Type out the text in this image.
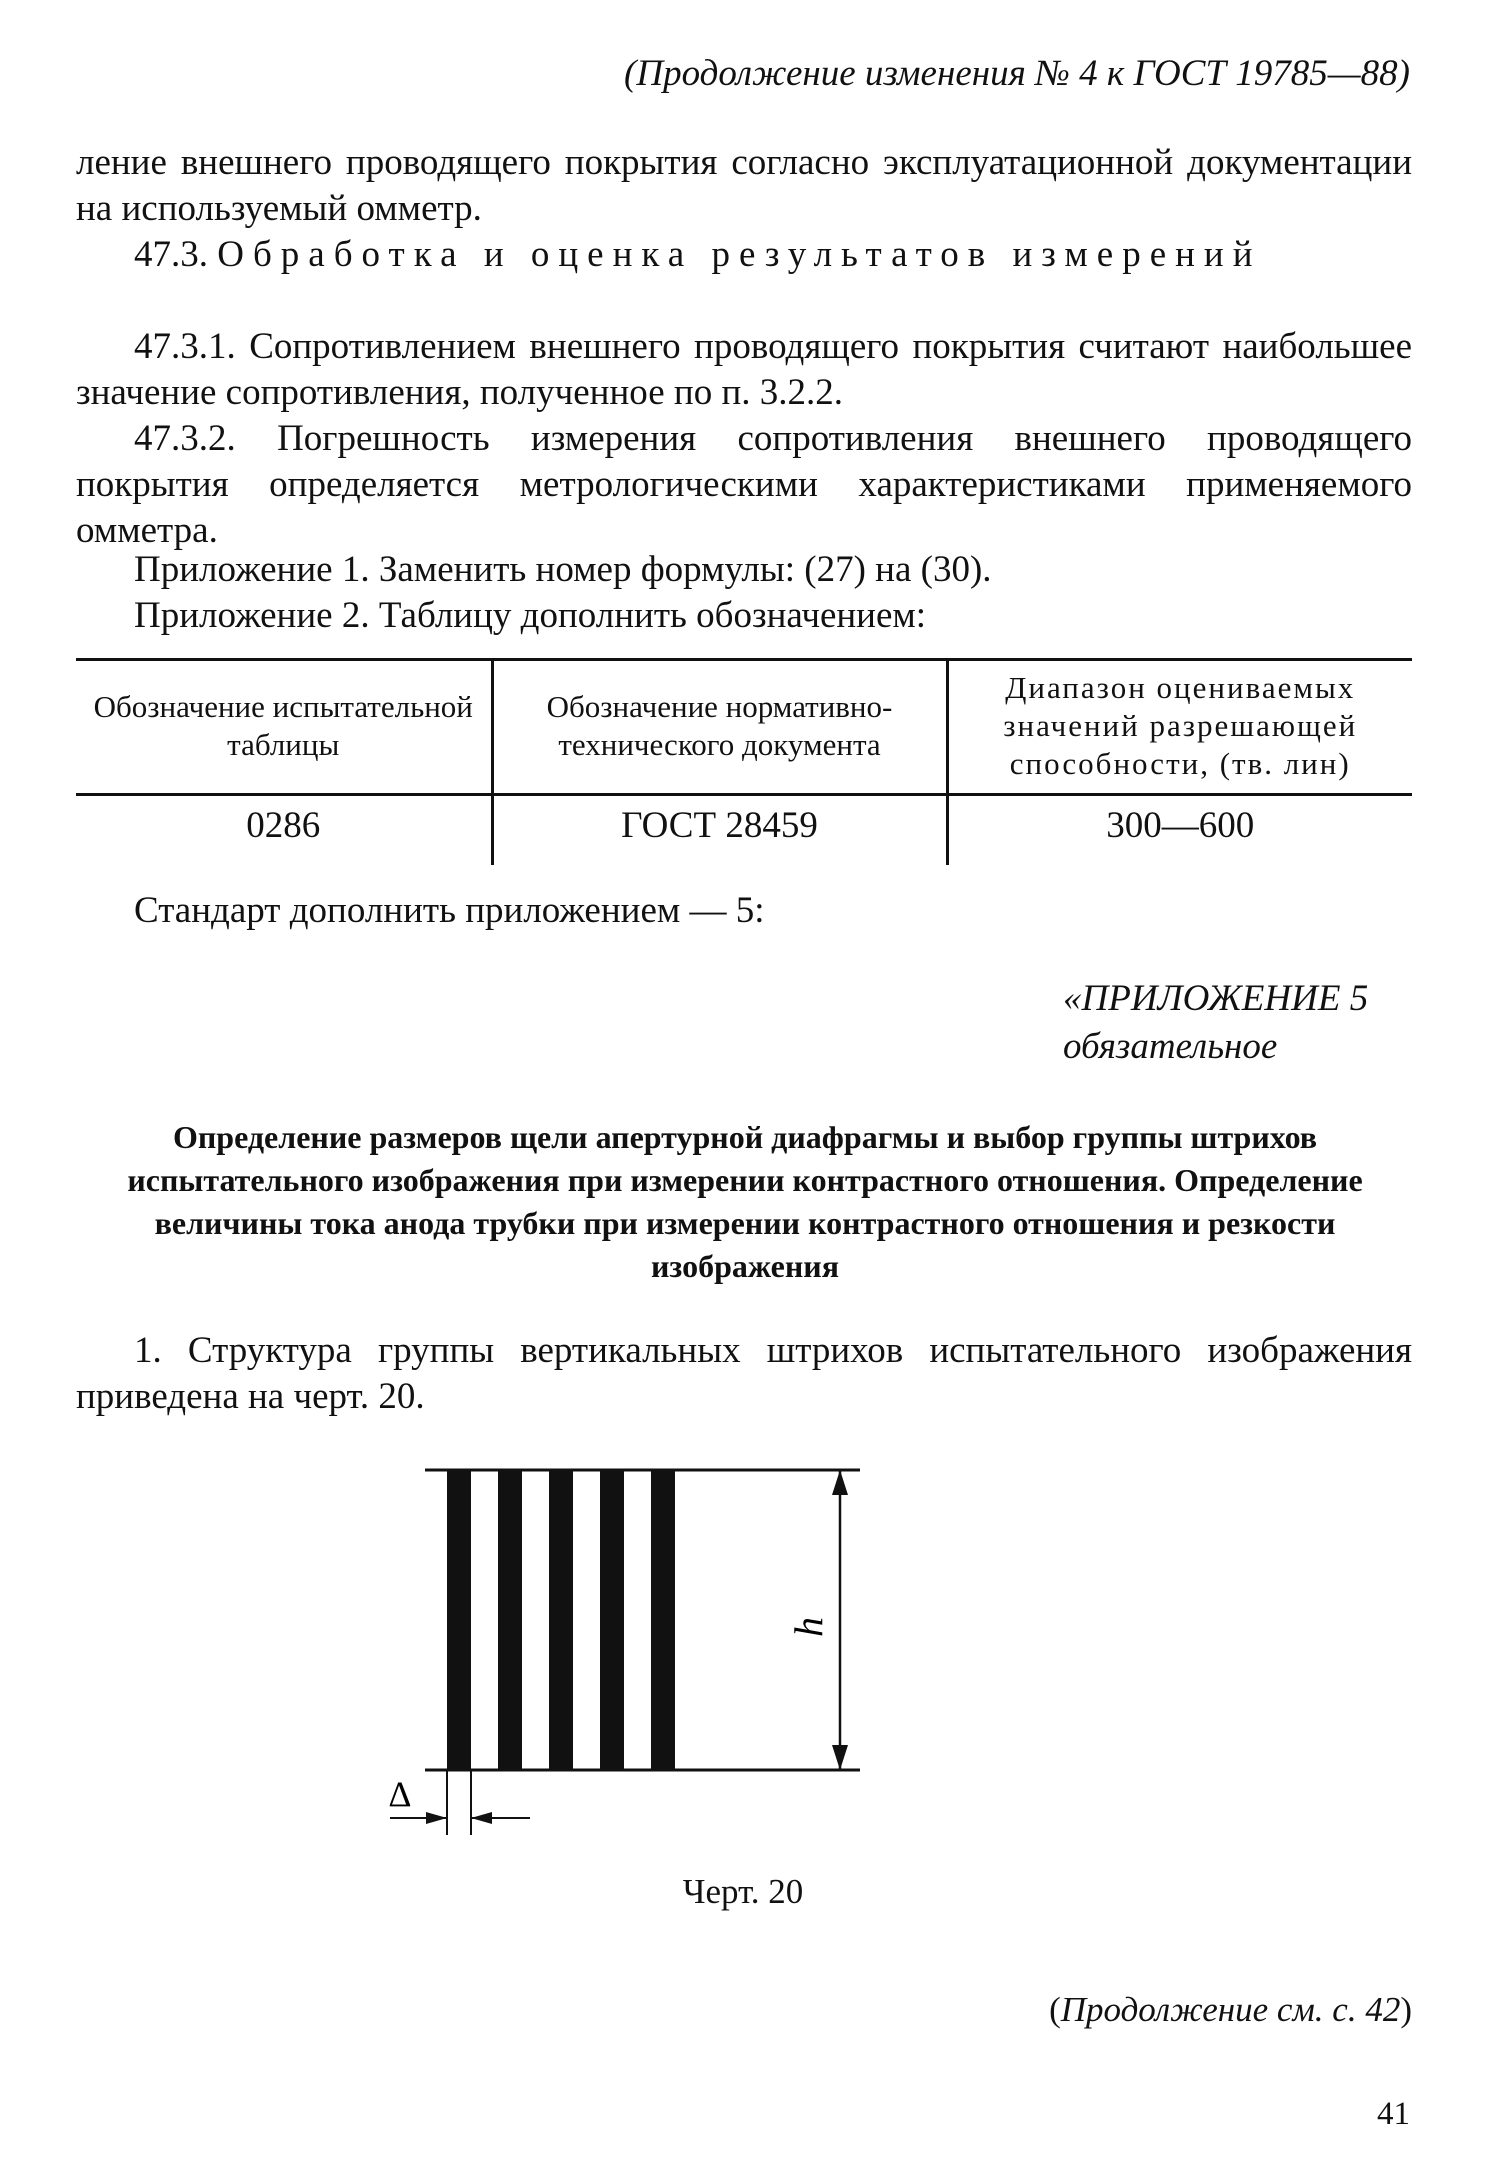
(Продолжение изменения № 4 к ГОСТ 19785—88)
ление внешнего проводящего покрытия согласно эксплуатационной документации на используемый омметр.
47.3. Обработка и оценка результатов измерений
47.3.1. Сопротивлением внешнего проводящего покрытия считают наибольшее значение сопротивления, полученное по п. 3.2.2.
47.3.2. Погрешность измерения сопротивления внешнего проводящего покрытия определяется метрологическими характеристиками применяемого омметра.
Приложение 1. Заменить номер формулы: (27) на (30).
Приложение 2. Таблицу дополнить обозначением:
Обозначение испытательной таблицы	Обозначение нормативно-технического документа	Диапазон оцениваемых значений разрешающей способности, (тв. лин)
0286	ГОСТ 28459	300—600
Стандарт дополнить приложением — 5:
«ПРИЛОЖЕНИЕ 5
обязательное
Определение размеров щели апертурной диафрагмы и выбор группы штрихов испытательного изображения при измерении контрастного отношения. Определение величины тока анода трубки при измерении контрастного отношения и резкости изображения
1. Структура группы вертикальных штрихов испытательного изображения приведена на черт. 20.
h
Δ
Черт. 20
(Продолжение см. с. 42)
41
